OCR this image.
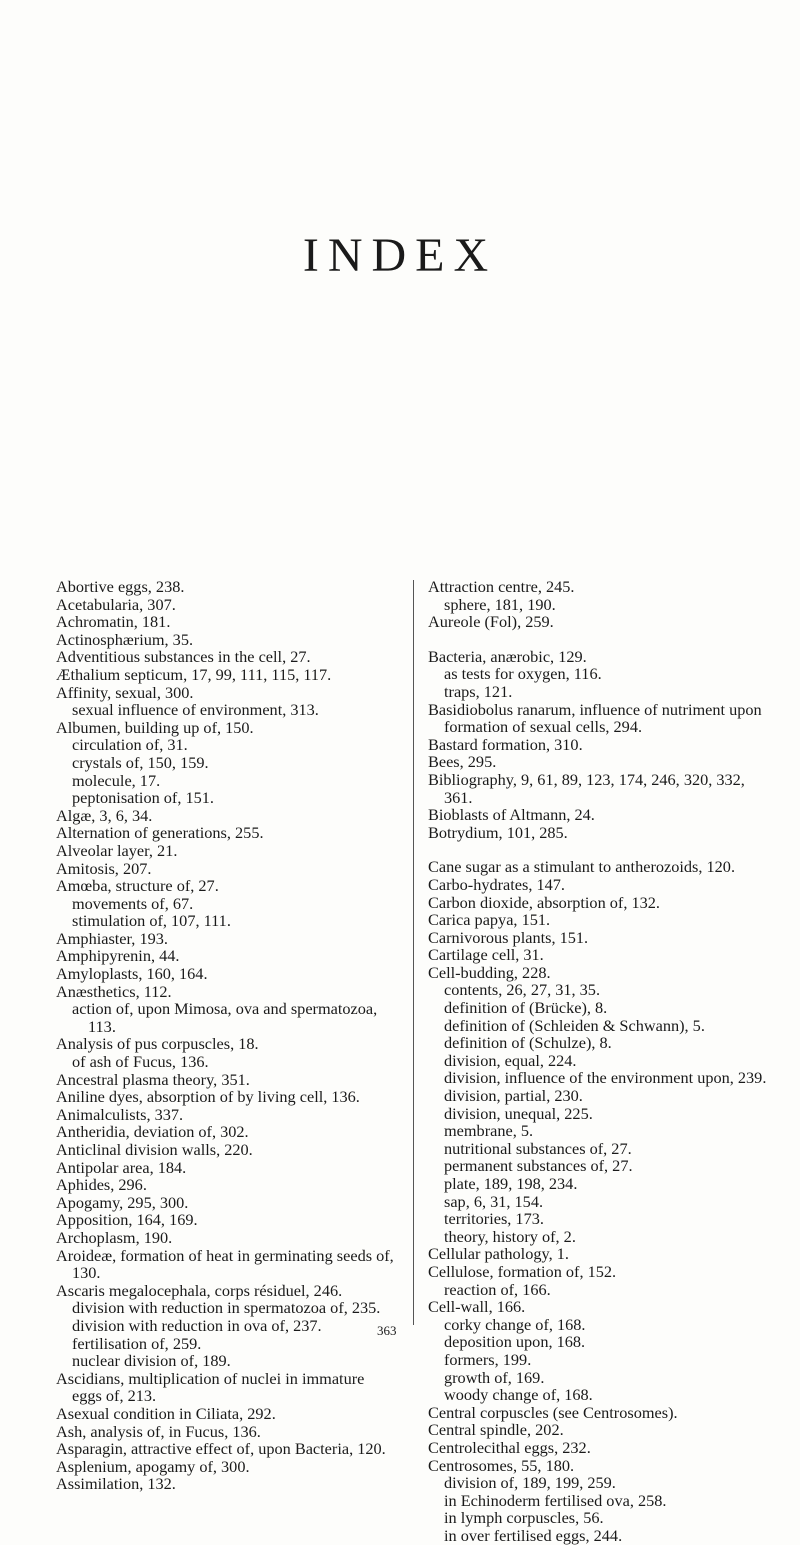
INDEX
Abortive eggs, 238.
Acetabularia, 307.
Achromatin, 181.
Actinosphærium, 35.
Adventitious substances in the cell, 27.
Æthalium septicum, 17, 99, 111, 115, 117.
Affinity, sexual, 300.
sexual influence of environment, 313.
Albumen, building up of, 150.
circulation of, 31.
crystals of, 150, 159.
molecule, 17.
peptonisation of, 151.
Algæ, 3, 6, 34.
Alternation of generations, 255.
Alveolar layer, 21.
Amitosis, 207.
Amœba, structure of, 27.
movements of, 67.
stimulation of, 107, 111.
Amphiaster, 193.
Amphipyrenin, 44.
Amyloplasts, 160, 164.
Anæsthetics, 112.
action of, upon Mimosa, ova and spermatozoa, 113.
Analysis of pus corpuscles, 18.
of ash of Fucus, 136.
Ancestral plasma theory, 351.
Aniline dyes, absorption of by living cell, 136.
Animalculists, 337.
Antheridia, deviation of, 302.
Anticlinal division walls, 220.
Antipolar area, 184.
Aphides, 296.
Apogamy, 295, 300.
Apposition, 164, 169.
Archoplasm, 190.
Aroideæ, formation of heat in germinating seeds of, 130.
Ascaris megalocephala, corps résiduel, 246.
division with reduction in spermatozoa of, 235.
division with reduction in ova of, 237.
fertilisation of, 259.
nuclear division of, 189.
Ascidians, multiplication of nuclei in immature eggs of, 213.
Asexual condition in Ciliata, 292.
Ash, analysis of, in Fucus, 136.
Asparagin, attractive effect of, upon Bacteria, 120.
Asplenium, apogamy of, 300.
Assimilation, 132.
Attraction centre, 245.
sphere, 181, 190.
Aureole (Fol), 259.
Bacteria, anærobic, 129.
as tests for oxygen, 116.
traps, 121.
Basidiobolus ranarum, influence of nutriment upon formation of sexual cells, 294.
Bastard formation, 310.
Bees, 295.
Bibliography, 9, 61, 89, 123, 174, 246, 320, 332, 361.
Bioblasts of Altmann, 24.
Botrydium, 101, 285.
Cane sugar as a stimulant to antherozoids, 120.
Carbo-hydrates, 147.
Carbon dioxide, absorption of, 132.
Carica papya, 151.
Carnivorous plants, 151.
Cartilage cell, 31.
Cell-budding, 228.
contents, 26, 27, 31, 35.
definition of (Brücke), 8.
definition of (Schleiden & Schwann), 5.
definition of (Schulze), 8.
division, equal, 224.
division, influence of the environment upon, 239.
division, partial, 230.
division, unequal, 225.
membrane, 5.
nutritional substances of, 27.
permanent substances of, 27.
plate, 189, 198, 234.
sap, 6, 31, 154.
territories, 173.
theory, history of, 2.
Cellular pathology, 1.
Cellulose, formation of, 152.
reaction of, 166.
Cell-wall, 166.
corky change of, 168.
deposition upon, 168.
formers, 199.
growth of, 169.
woody change of, 168.
Central corpuscles (see Centrosomes).
Central spindle, 202.
Centrolecithal eggs, 232.
Centrosomes, 55, 180.
division of, 189, 199, 259.
in Echinoderm fertilised ova, 258.
in lymph corpuscles, 56.
in over fertilised eggs, 244.
363
